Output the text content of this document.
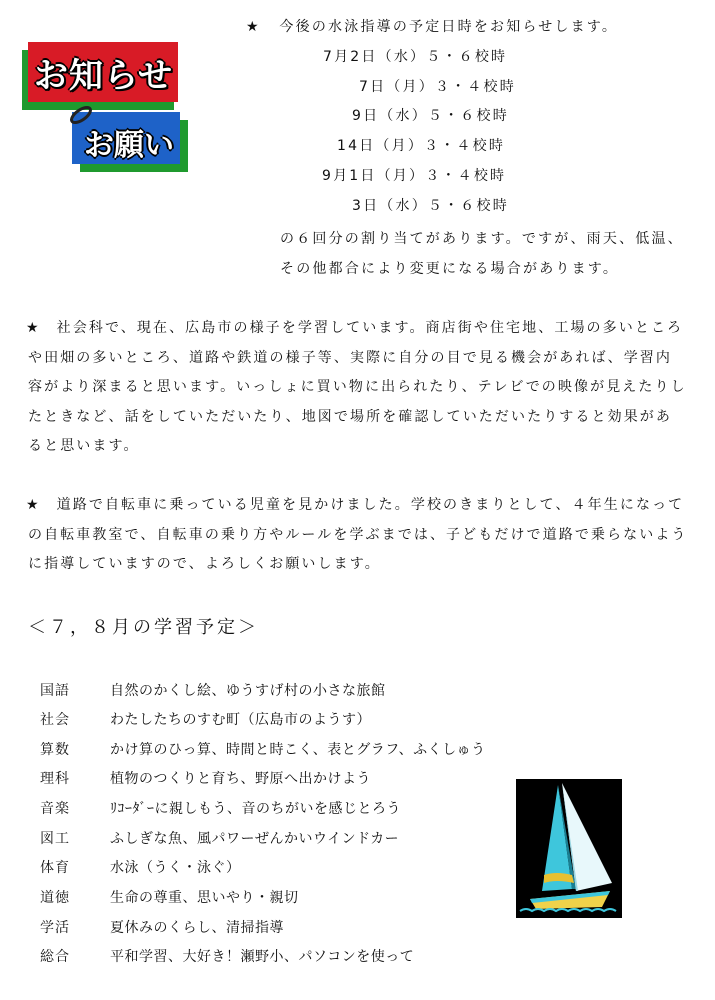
お知らせ
お願い
★ 今後の水泳指導の予定日時をお知らせします。
7月2日（水）５・６校時
7日（月）３・４校時
9日（水）５・６校時
14日（月）３・４校時
9月1日（月）３・４校時
3日（水）５・６校時
の６回分の割り当てがあります。ですが、雨天、低温、
その他都合により変更になる場合があります。
★ 社会科で、現在、広島市の様子を学習しています。商店街や住宅地、工場の多いところや田畑の多いところ、道路や鉄道の様子等、実際に自分の目で見る機会があれば、学習内容がより深まると思います。いっしょに買い物に出られたり、テレビでの映像が見えたりしたときなど、話をしていただいたり、地図で場所を確認していただいたりすると効果があると思います。
★ 道路で自転車に乗っている児童を見かけました。学校のきまりとして、４年生になっての自転車教室で、自転車の乗り方やルールを学ぶまでは、子どもだけで道路で乗らないように指導していますので、よろしくお願いします。
＜７，８月の学習予定＞
国語	自然のかくし絵、ゆうすげ村の小さな旅館
社会	わたしたちのすむ町（広島市のようす）
算数	かけ算のひっ算、時間と時こく、表とグラフ、ふくしゅう
理科	植物のつくりと育ち、野原へ出かけよう
音楽	ﾘｺｰﾀﾞｰに親しもう、音のちがいを感じとろう
図工	ふしぎな魚、風パワーぜんかいウインドカー
体育	水泳（うく・泳ぐ）
道徳	生命の尊重、思いやり・親切
学活	夏休みのくらし、清掃指導
総合	平和学習、大好き！瀬野小、パソコンを使って
